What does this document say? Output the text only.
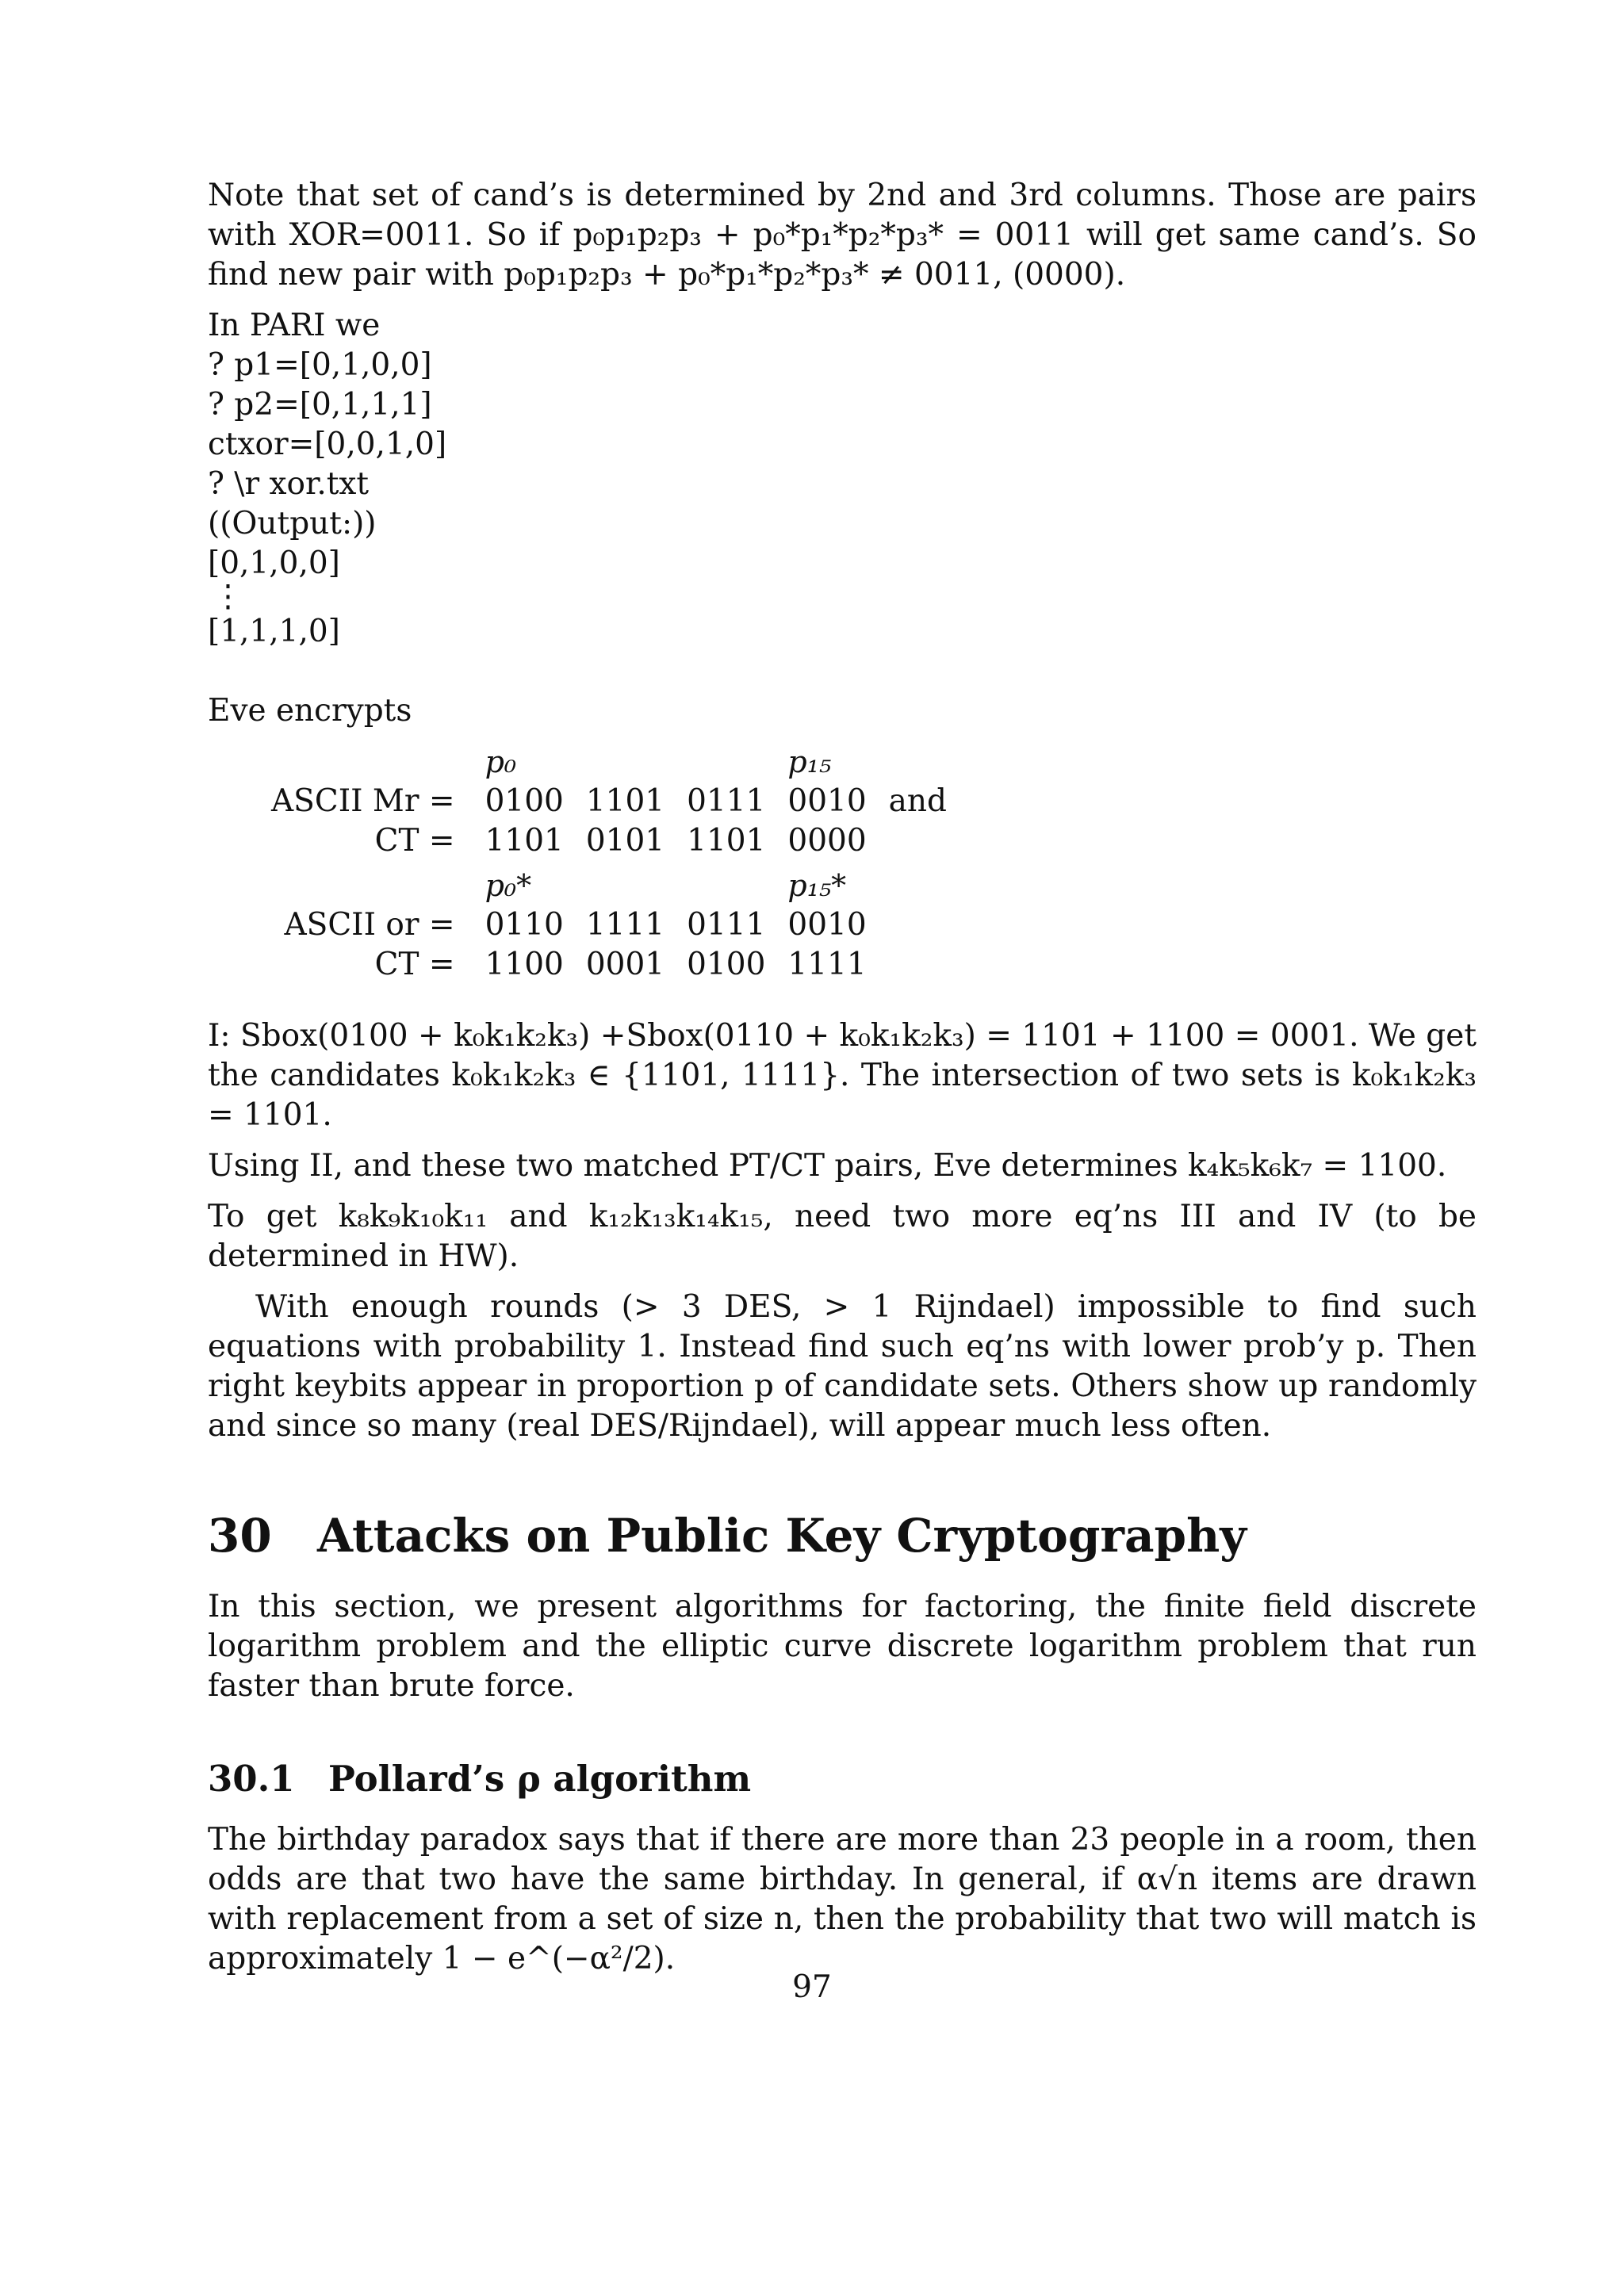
Note that set of cand’s is determined by 2nd and 3rd columns. Those are pairs with XOR=0011. So if p₀p₁p₂p₃ + p₀*p₁*p₂*p₃* = 0011 will get same cand’s. So find new pair with p₀p₁p₂p₃ + p₀*p₁*p₂*p₃* ≠ 0011, (0000).

In PARI we

? p1=[0,1,0,0]
? p2=[0,1,1,1]
ctxor=[0,0,1,0]
? \r xor.txt
((Output:))
[0,1,0,0]
⋮
[1,1,1,0]

Eve encrypts

	p₀			p₁₅	
ASCII Mr =	0100	1101	0111	0010	and
CT =	1101	0101	1101	0000	
	p₀*			p₁₅*	
ASCII or =	0110	1111	0111	0010	
CT =	1100	0001	0100	1111	

I: Sbox(0100 + k₀k₁k₂k₃) +Sbox(0110 + k₀k₁k₂k₃) = 1101 + 1100 = 0001. We get the candidates k₀k₁k₂k₃ ∈ {1101, 1111}. The intersection of two sets is k₀k₁k₂k₃ = 1101.

Using II, and these two matched PT/CT pairs, Eve determines k₄k₅k₆k₇ = 1100.

To get k₈k₉k₁₀k₁₁ and k₁₂k₁₃k₁₄k₁₅, need two more eq’ns III and IV (to be determined in HW).

With enough rounds (> 3 DES, > 1 Rijndael) impossible to find such equations with probability 1. Instead find such eq’ns with lower prob’y p. Then right keybits appear in proportion p of candidate sets. Others show up randomly and since so many (real DES/Rijndael), will appear much less often.

30 Attacks on Public Key Cryptography

In this section, we present algorithms for factoring, the finite field discrete logarithm problem and the elliptic curve discrete logarithm problem that run faster than brute force.

30.1 Pollard’s ρ algorithm

The birthday paradox says that if there are more than 23 people in a room, then odds are that two have the same birthday. In general, if α√n items are drawn with replacement from a set of size n, then the probability that two will match is approximately 1 − e^(−α²/2).

97
